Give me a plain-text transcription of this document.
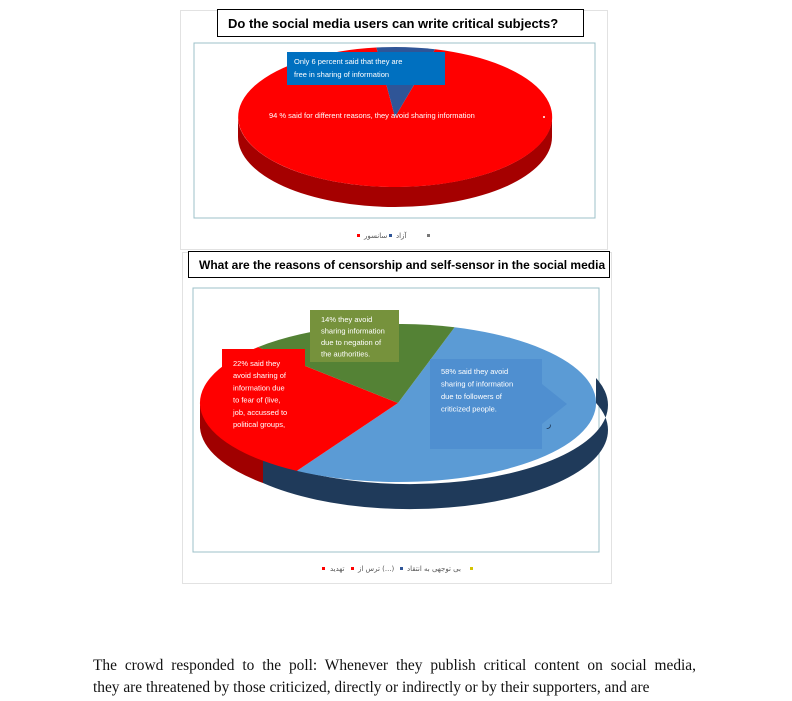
Do the social media users can write critical subjects?
What are the reasons of censorship and self-sensor in the social media
Only 6 percent said that they are
free in sharing of information
94 % said for different reasons, they avoid sharing information
سانسور آزاد
58% said they avoid
sharing of information
due to followers of
criticized people.
22% said they
avoid sharing of
information due
to fear of (live,
job, accussed to
political groups,
14% they avoid
sharing information
due to negation of
the authorities.
ر
تهدید ترس از (...) بی توجهی به انتقاد
The crowd responded to the poll: Whenever they publish critical content on social media,
they are threatened by those criticized, directly or indirectly or by their supporters, and are
